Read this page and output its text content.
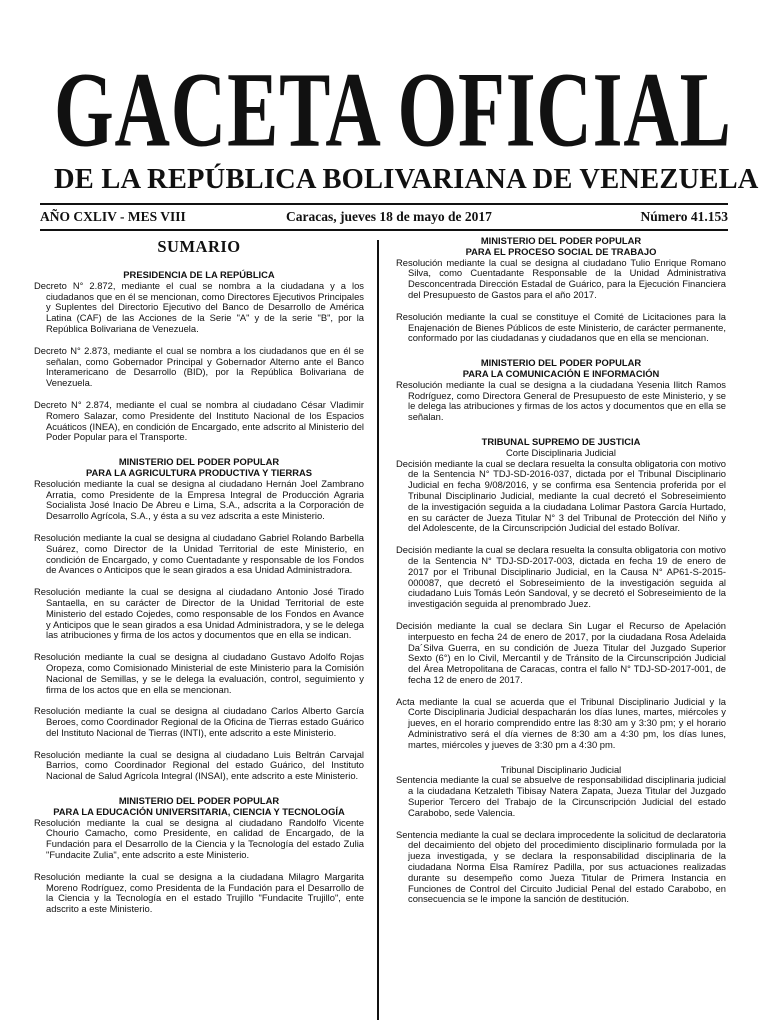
GACETA OFICIAL
DE LA REPÚBLICA BOLIVARIANA DE VENEZUELA
AÑO CXLIV - MES VIII	Caracas, jueves 18 de mayo de 2017	Número 41.153
SUMARIO
PRESIDENCIA DE LA REPÚBLICA

Decreto N° 2.872, mediante el cual se nombra a la ciudadana y a los ciudadanos que en él se mencionan, como Directores Ejecutivos Principales y Suplentes del Directorio Ejecutivo del Banco de Desarrollo de América Latina (CAF) de las Acciones de la Serie "A" y de la serie "B", por la República Bolivariana de Venezuela.

Decreto N° 2.873, mediante el cual se nombra a los ciudadanos que en él se señalan, como Gobernador Principal y Gobernador Alterno ante el Banco Interamericano de Desarrollo (BID), por la República Bolivariana de Venezuela.

Decreto N° 2.874, mediante el cual se nombra al ciudadano César Vladimir Romero Salazar, como Presidente del Instituto Nacional de los Espacios Acuáticos (INEA), en condición de Encargado, ente adscrito al Ministerio del Poder Popular para el Transporte.

MINISTERIO DEL PODER POPULAR
PARA LA AGRICULTURA PRODUCTIVA Y TIERRAS

Resolución mediante la cual se designa al ciudadano Hernán Joel Zambrano Arratia, como Presidente de la Empresa Integral de Producción Agraria Socialista José Inacio De Abreu e Lima, S.A., adscrita a la Corporación de Desarrollo Agrícola, S.A., y ésta a su vez adscrita a este Ministerio.

Resolución mediante la cual se designa al ciudadano Gabriel Rolando Barbella Suárez, como Director de la Unidad Territorial de este Ministerio, en condición de Encargado, y como Cuentadante y responsable de los Fondos de Avances o Anticipos que le sean girados a esa Unidad Administradora.

Resolución mediante la cual se designa al ciudadano Antonio José Tirado Santaella, en su carácter de Director de la Unidad Territorial de este Ministerio del estado Cojedes, como responsable de los Fondos en Avance y Anticipos que le sean girados a esa Unidad Administradora, y se le delega las atribuciones y firma de los actos y documentos que en ella se indican.

Resolución mediante la cual se designa al ciudadano Gustavo Adolfo Rojas Oropeza, como Comisionado Ministerial de este Ministerio para la Comisión Nacional de Semillas, y se le delega la evaluación, control, seguimiento y firma de los actos que en ella se mencionan.

Resolución mediante la cual se designa al ciudadano Carlos Alberto García Beroes, como Coordinador Regional de la Oficina de Tierras estado Guárico del Instituto Nacional de Tierras (INTI), ente adscrito a este Ministerio.

Resolución mediante la cual se designa al ciudadano Luis Beltrán Carvajal Barrios, como Coordinador Regional del estado Guárico, del Instituto Nacional de Salud Agrícola Integral (INSAI), ente adscrito a este Ministerio.

MINISTERIO DEL PODER POPULAR
PARA LA EDUCACIÓN UNIVERSITARIA, CIENCIA Y TECNOLOGÍA

Resolución mediante la cual se designa al ciudadano Randolfo Vicente Chourio Camacho, como Presidente, en calidad de Encargado, de la Fundación para el Desarrollo de la Ciencia y la Tecnología del estado Zulia "Fundacite Zulia", ente adscrito a este Ministerio.

Resolución mediante la cual se designa a la ciudadana Milagro Margarita Moreno Rodríguez, como Presidenta de la Fundación para el Desarrollo de la Ciencia y la Tecnología en el estado Trujillo "Fundacite Trujillo", ente adscrito a este Ministerio.

MINISTERIO DEL PODER POPULAR
PARA EL PROCESO SOCIAL DE TRABAJO

Resolución mediante la cual se designa al ciudadano Tulio Enrique Romano Silva, como Cuentadante Responsable de la Unidad Administrativa Desconcentrada Dirección Estadal de Guárico, para la Ejecución Financiera del Presupuesto de Gastos para el año 2017.

Resolución mediante la cual se constituye el Comité de Licitaciones para la Enajenación de Bienes Públicos de este Ministerio, de carácter permanente, conformado por las ciudadanas y ciudadanos que en ella se mencionan.

MINISTERIO DEL PODER POPULAR
PARA LA COMUNICACIÓN E INFORMACIÓN

Resolución mediante la cual se designa a la ciudadana Yesenia Ilitch Ramos Rodríguez, como Directora General de Presupuesto de este Ministerio, y se le delega las atribuciones y firmas de los actos y documentos que en ella se señalan.

TRIBUNAL SUPREMO DE JUSTICIA
Corte Disciplinaria Judicial

Decisión mediante la cual se declara resuelta la consulta obligatoria con motivo de la Sentencia N° TDJ-SD-2016-037, dictada por el Tribunal Disciplinario Judicial en fecha 9/08/2016, y se confirma esa Sentencia proferida por el Tribunal Disciplinario Judicial, mediante la cual decretó el Sobreseimiento de la investigación seguida a la ciudadana Lolimar Pastora García Hurtado, en su carácter de Jueza Titular N° 3 del Tribunal de Protección del Niño y del Adolescente, de la Circunscripción Judicial del estado Bolívar.

Decisión mediante la cual se declara resuelta la consulta obligatoria con motivo de la Sentencia N° TDJ-SD-2017-003, dictada en fecha 19 de enero de 2017 por el Tribunal Disciplinario Judicial, en la Causa N° AP61-S-2015-000087, que decretó el Sobreseimiento de la investigación seguida al ciudadano Luis Tomás León Sandoval, y se decretó el Sobreseimiento de la investigación seguida al prenombrado Juez.

Decisión mediante la cual se declara Sin Lugar el Recurso de Apelación interpuesto en fecha 24 de enero de 2017, por la ciudadana Rosa Adelaida Da´Silva Guerra, en su condición de Jueza Titular del Juzgado Superior Sexto (6°) en lo Civil, Mercantil y de Tránsito de la Circunscripción Judicial del Área Metropolitana de Caracas, contra el fallo N° TDJ-SD-2017-001, de fecha 12 de enero de 2017.

Acta mediante la cual se acuerda que el Tribunal Disciplinario Judicial y la Corte Disciplinaria Judicial despacharán los días lunes, martes, miércoles y jueves, en el horario comprendido entre las 8:30 am y 3:30 pm; y el horario Administrativo será el día viernes de 8:30 am a 4:30 pm, los días lunes, martes, miércoles y jueves de 3:30 pm a 4:30 pm.

Tribunal Disciplinario Judicial

Sentencia mediante la cual se absuelve de responsabilidad disciplinaria judicial a la ciudadana Ketzaleth Tibisay Natera Zapata, Jueza Titular del Juzgado Superior Tercero del Trabajo de la Circunscripción Judicial del estado Carabobo, sede Valencia.

Sentencia mediante la cual se declara improcedente la solicitud de declaratoria del decaimiento del objeto del procedimiento disciplinario formulada por la jueza investigada, y se declara la responsabilidad disciplinaria de la ciudadana Norma Elsa Ramírez Padilla, por sus actuaciones realizadas durante su desempeño como Jueza Titular de Primera Instancia en Funciones de Control del Circuito Judicial Penal del estado Carabobo, en consecuencia se le impone la sanción de destitución.
